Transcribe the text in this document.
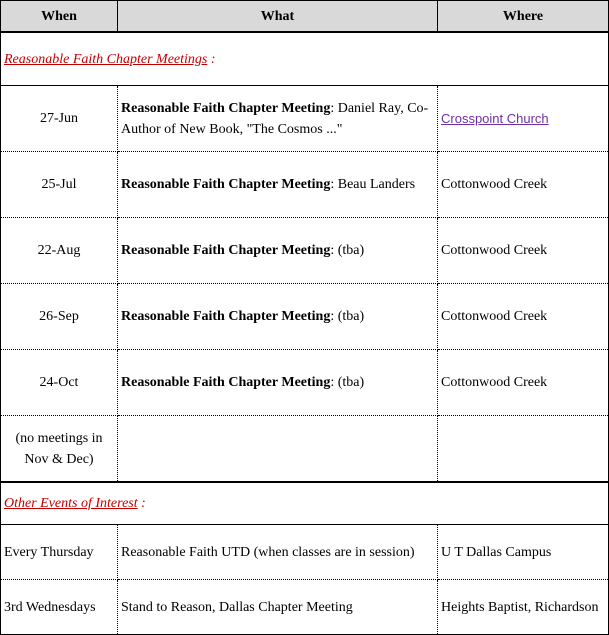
When	What	Where
Reasonable Faith Chapter Meetings :		
27-Jun	Reasonable Faith Chapter Meeting: Daniel Ray, Co-Author of New Book, "The Cosmos ..."	Crosspoint Church
25-Jul	Reasonable Faith Chapter Meeting: Beau Landers	Cottonwood Creek
22-Aug	Reasonable Faith Chapter Meeting: (tba)	Cottonwood Creek
26-Sep	Reasonable Faith Chapter Meeting: (tba)	Cottonwood Creek
24-Oct	Reasonable Faith Chapter Meeting: (tba)	Cottonwood Creek
(no meetings in Nov & Dec)		
Other Events of Interest :		
Every Thursday	Reasonable Faith UTD (when classes are in session)	U T Dallas Campus
3rd Wednesdays	Stand to Reason, Dallas Chapter Meeting	Heights Baptist, Richardson
